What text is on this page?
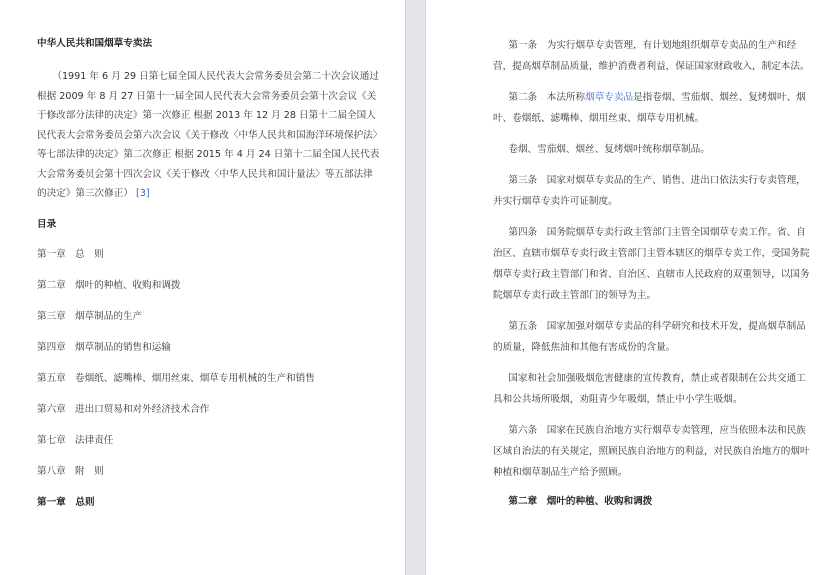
中华人民共和国烟草专卖法

（1991 年 6 月 29 日第七届全国人民代表大会常务委员会第二十次会议通过 根据 2009 年 8 月 27 日第十一届全国人民代表大会常务委员会第十次会议《关于修改部分法律的决定》第一次修正 根据 2013 年 12 月 28 日第十二届全国人民代表大会常务委员会第六次会议《关于修改〈中华人民共和国海洋环境保护法〉等七部法律的决定》第二次修正 根据 2015 年 4 月 24 日第十二届全国人民代表大会常务委员会第十四次会议《关于修改〈中华人民共和国计量法〉等五部法律的决定》第三次修正） [3]

目录

第一章 总　则
第二章 烟叶的种植、收购和调拨
第三章 烟草制品的生产
第四章 烟草制品的销售和运输
第五章 卷烟纸、滤嘴棒、烟用丝束、烟草专用机械的生产和销售
第六章 进出口贸易和对外经济技术合作
第七章 法律责任
第八章 附　则

第一章　总则

第一条　为实行烟草专卖管理，有计划地组织烟草专卖品的生产和经营，提高烟草制品质量，维护消费者利益，保证国家财政收入，制定本法。

第二条　本法所称烟草专卖品是指卷烟、雪茄烟、烟丝、复烤烟叶、烟叶、卷烟纸、滤嘴棒、烟用丝束、烟草专用机械。

卷烟、雪茄烟、烟丝、复烤烟叶统称烟草制品。

第三条　国家对烟草专卖品的生产、销售、进出口依法实行专卖管理，并实行烟草专卖许可证制度。

第四条　国务院烟草专卖行政主管部门主管全国烟草专卖工作。省、自治区、直辖市烟草专卖行政主管部门主管本辖区的烟草专卖工作，受国务院烟草专卖行政主管部门和省、自治区、直辖市人民政府的双重领导，以国务院烟草专卖行政主管部门的领导为主。

第五条　国家加强对烟草专卖品的科学研究和技术开发，提高烟草制品的质量，降低焦油和其他有害成份的含量。

国家和社会加强吸烟危害健康的宣传教育，禁止或者限制在公共交通工具和公共场所吸烟，劝阻青少年吸烟，禁止中小学生吸烟。

第六条　国家在民族自治地方实行烟草专卖管理，应当依照本法和民族区域自治法的有关规定，照顾民族自治地方的利益，对民族自治地方的烟叶种植和烟草制品生产给予照顾。

第二章　烟叶的种植、收购和调拨
